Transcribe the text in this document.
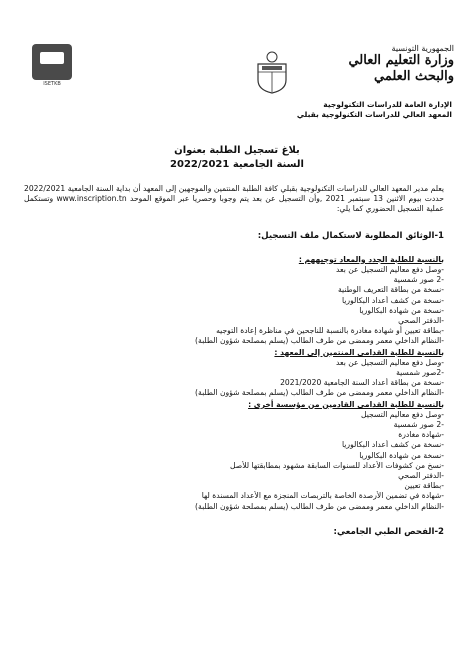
ISETKB
الجمهورية التونسية
وزارة التعليم العالي
والبحث العلمي
الإدارة العامة للدراسات التكنولوجية
المعهد العالي للدراسات التكنولوجية بقبلي
بلاغ تسجيل الطلبة بعنوان
السنة الجامعية 2022/2021
يعلم مدير المعهد العالي للدراسات التكنولوجية بقبلي كافة الطلبة المنتمين والموجهين إلى المعهد أن بداية السنة الجامعية 2022/2021 حددت بيوم الاثنين 13 سبتمبر 2021 ,وأن التسجيل عن بعد يتم وجوبا وحصريا عبر الموقع الموحد www.inscription.tn وتستكمل عملية التسجيل الحضوري كما يلي:
1-الوثائق المطلوبة لاستكمال ملف التسجيل:
بالنسبة للطلبة الجدد والمعاد توجيههم :
-وصل دفع معاليم التسجيل عن بعد
-2 صور شمسية
-نسخة من بطاقة التعريف الوطنية
-نسخة من كشف أعداد البكالوريا
-نسخة من شهادة البكالوريا
-الدفتر الصحي
-بطاقة تعيين أو شهادة مغادرة بالنسبة للناجحين في مناظرة إعادة التوجيه
-النظام الداخلي معمر وممضى من طرف الطالب (يسلم بمصلحة شؤون الطلبة)
بالنسبة للطلبة القدامى المنتمين إلى المعهد :
-وصل دفع معاليم التسجيل عن بعد
-2صور شمسية
-نسخة من بطاقة أعداد السنة الجامعية 2021/2020
-النظام الداخلي معمر وممضى من طرف الطالب (يسلم بمصلحة شؤون الطلبة)
بالنسبة للطلبة القدامى القادمين من مؤسسة أخرى :
-وصل دفع معاليم التسجيل
-2 صور شمسية
-شهادة مغادرة
-نسخة من كشف أعداد البكالوريا
-نسخة من شهادة البكالوريا
-نسخ من كشوفات الأعداد للسنوات السابقة مشهود بمطابقتها للأصل
-الدفتر الصحي
-بطاقة تعيين
-شهادة في تضمين الأرصدة الخاصة بالتربصات المنجزة مع الأعداد المسندة لها
-النظام الداخلي معمر وممضى من طرف الطالب (يسلم بمصلحة شؤون الطلبة)
2-الفحص الطبي الجامعي:
